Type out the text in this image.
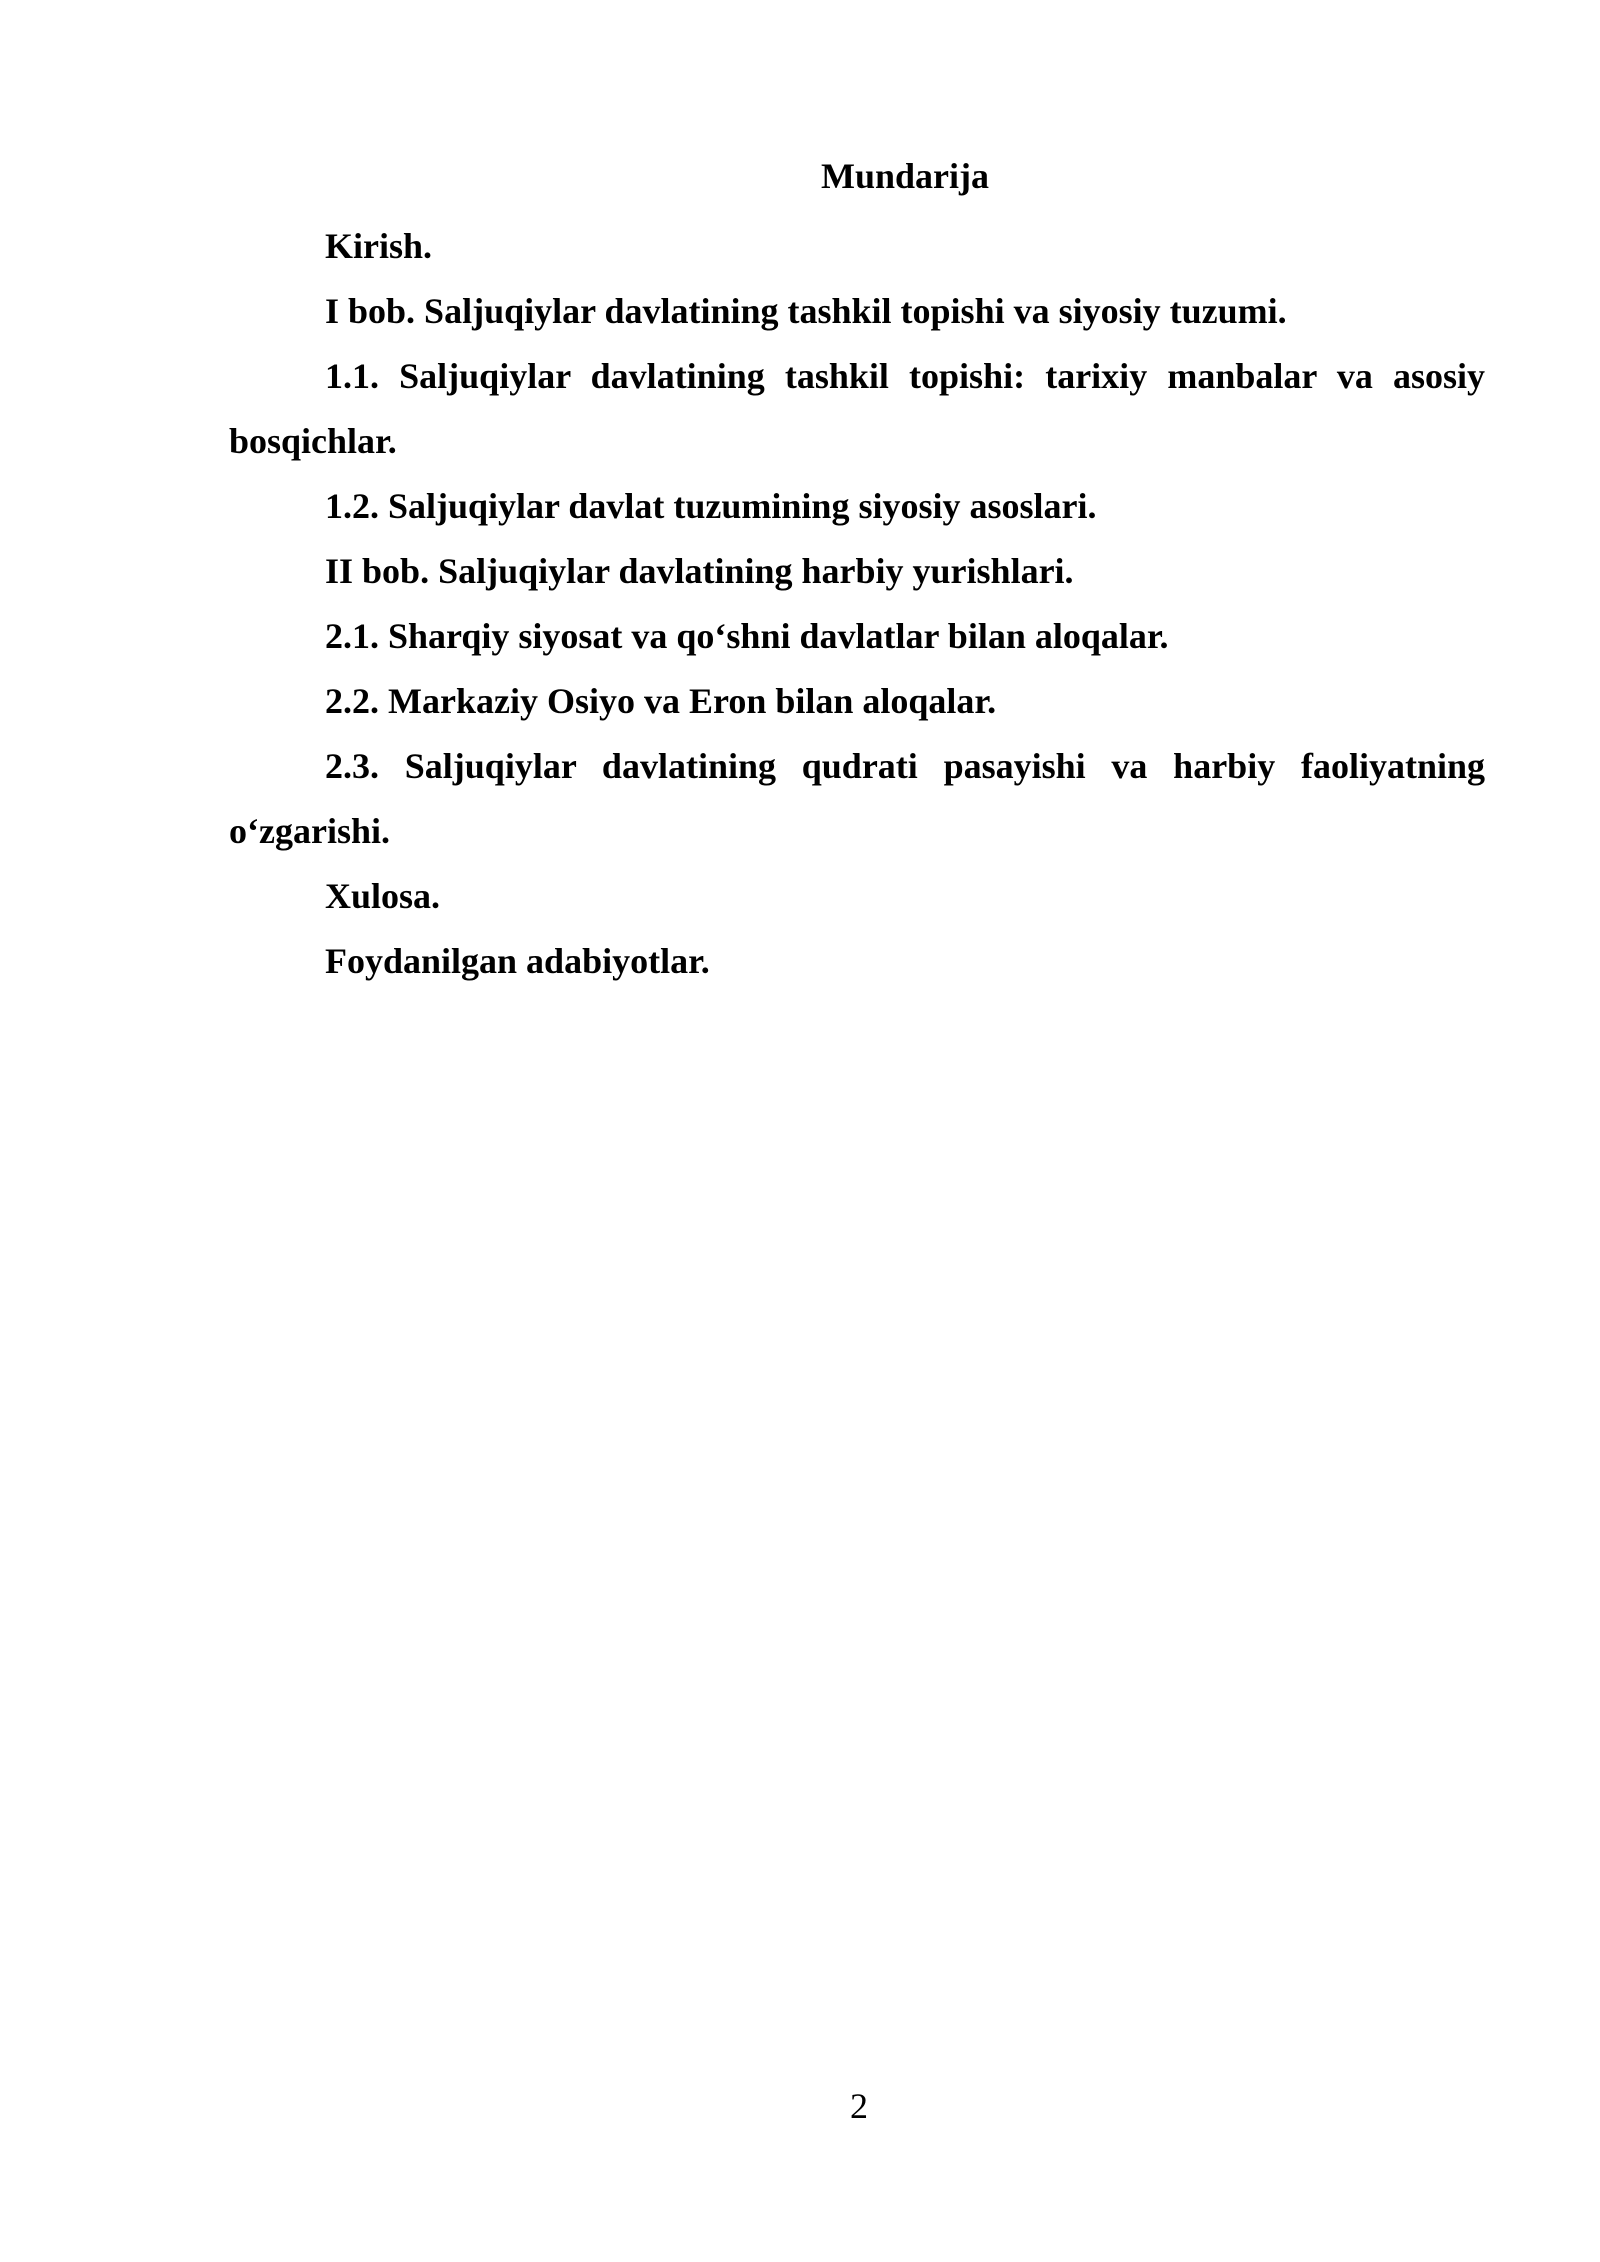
Mundarija

Kirish.

I bob. Saljuqiylar davlatining tashkil topishi va siyosiy tuzumi.

1.1. Saljuqiylar davlatining tashkil topishi: tarixiy manbalar va asosiy bosqichlar.

1.2. Saljuqiylar davlat tuzumining siyosiy asoslari.

II bob. Saljuqiylar davlatining harbiy yurishlari.

2.1. Sharqiy siyosat va qo‘shni davlatlar bilan aloqalar.

2.2. Markaziy Osiyo va Eron bilan aloqalar.

2.3. Saljuqiylar davlatining qudrati pasayishi va harbiy faoliyatning o‘zgarishi.

Xulosa.

Foydanilgan adabiyotlar.

2
